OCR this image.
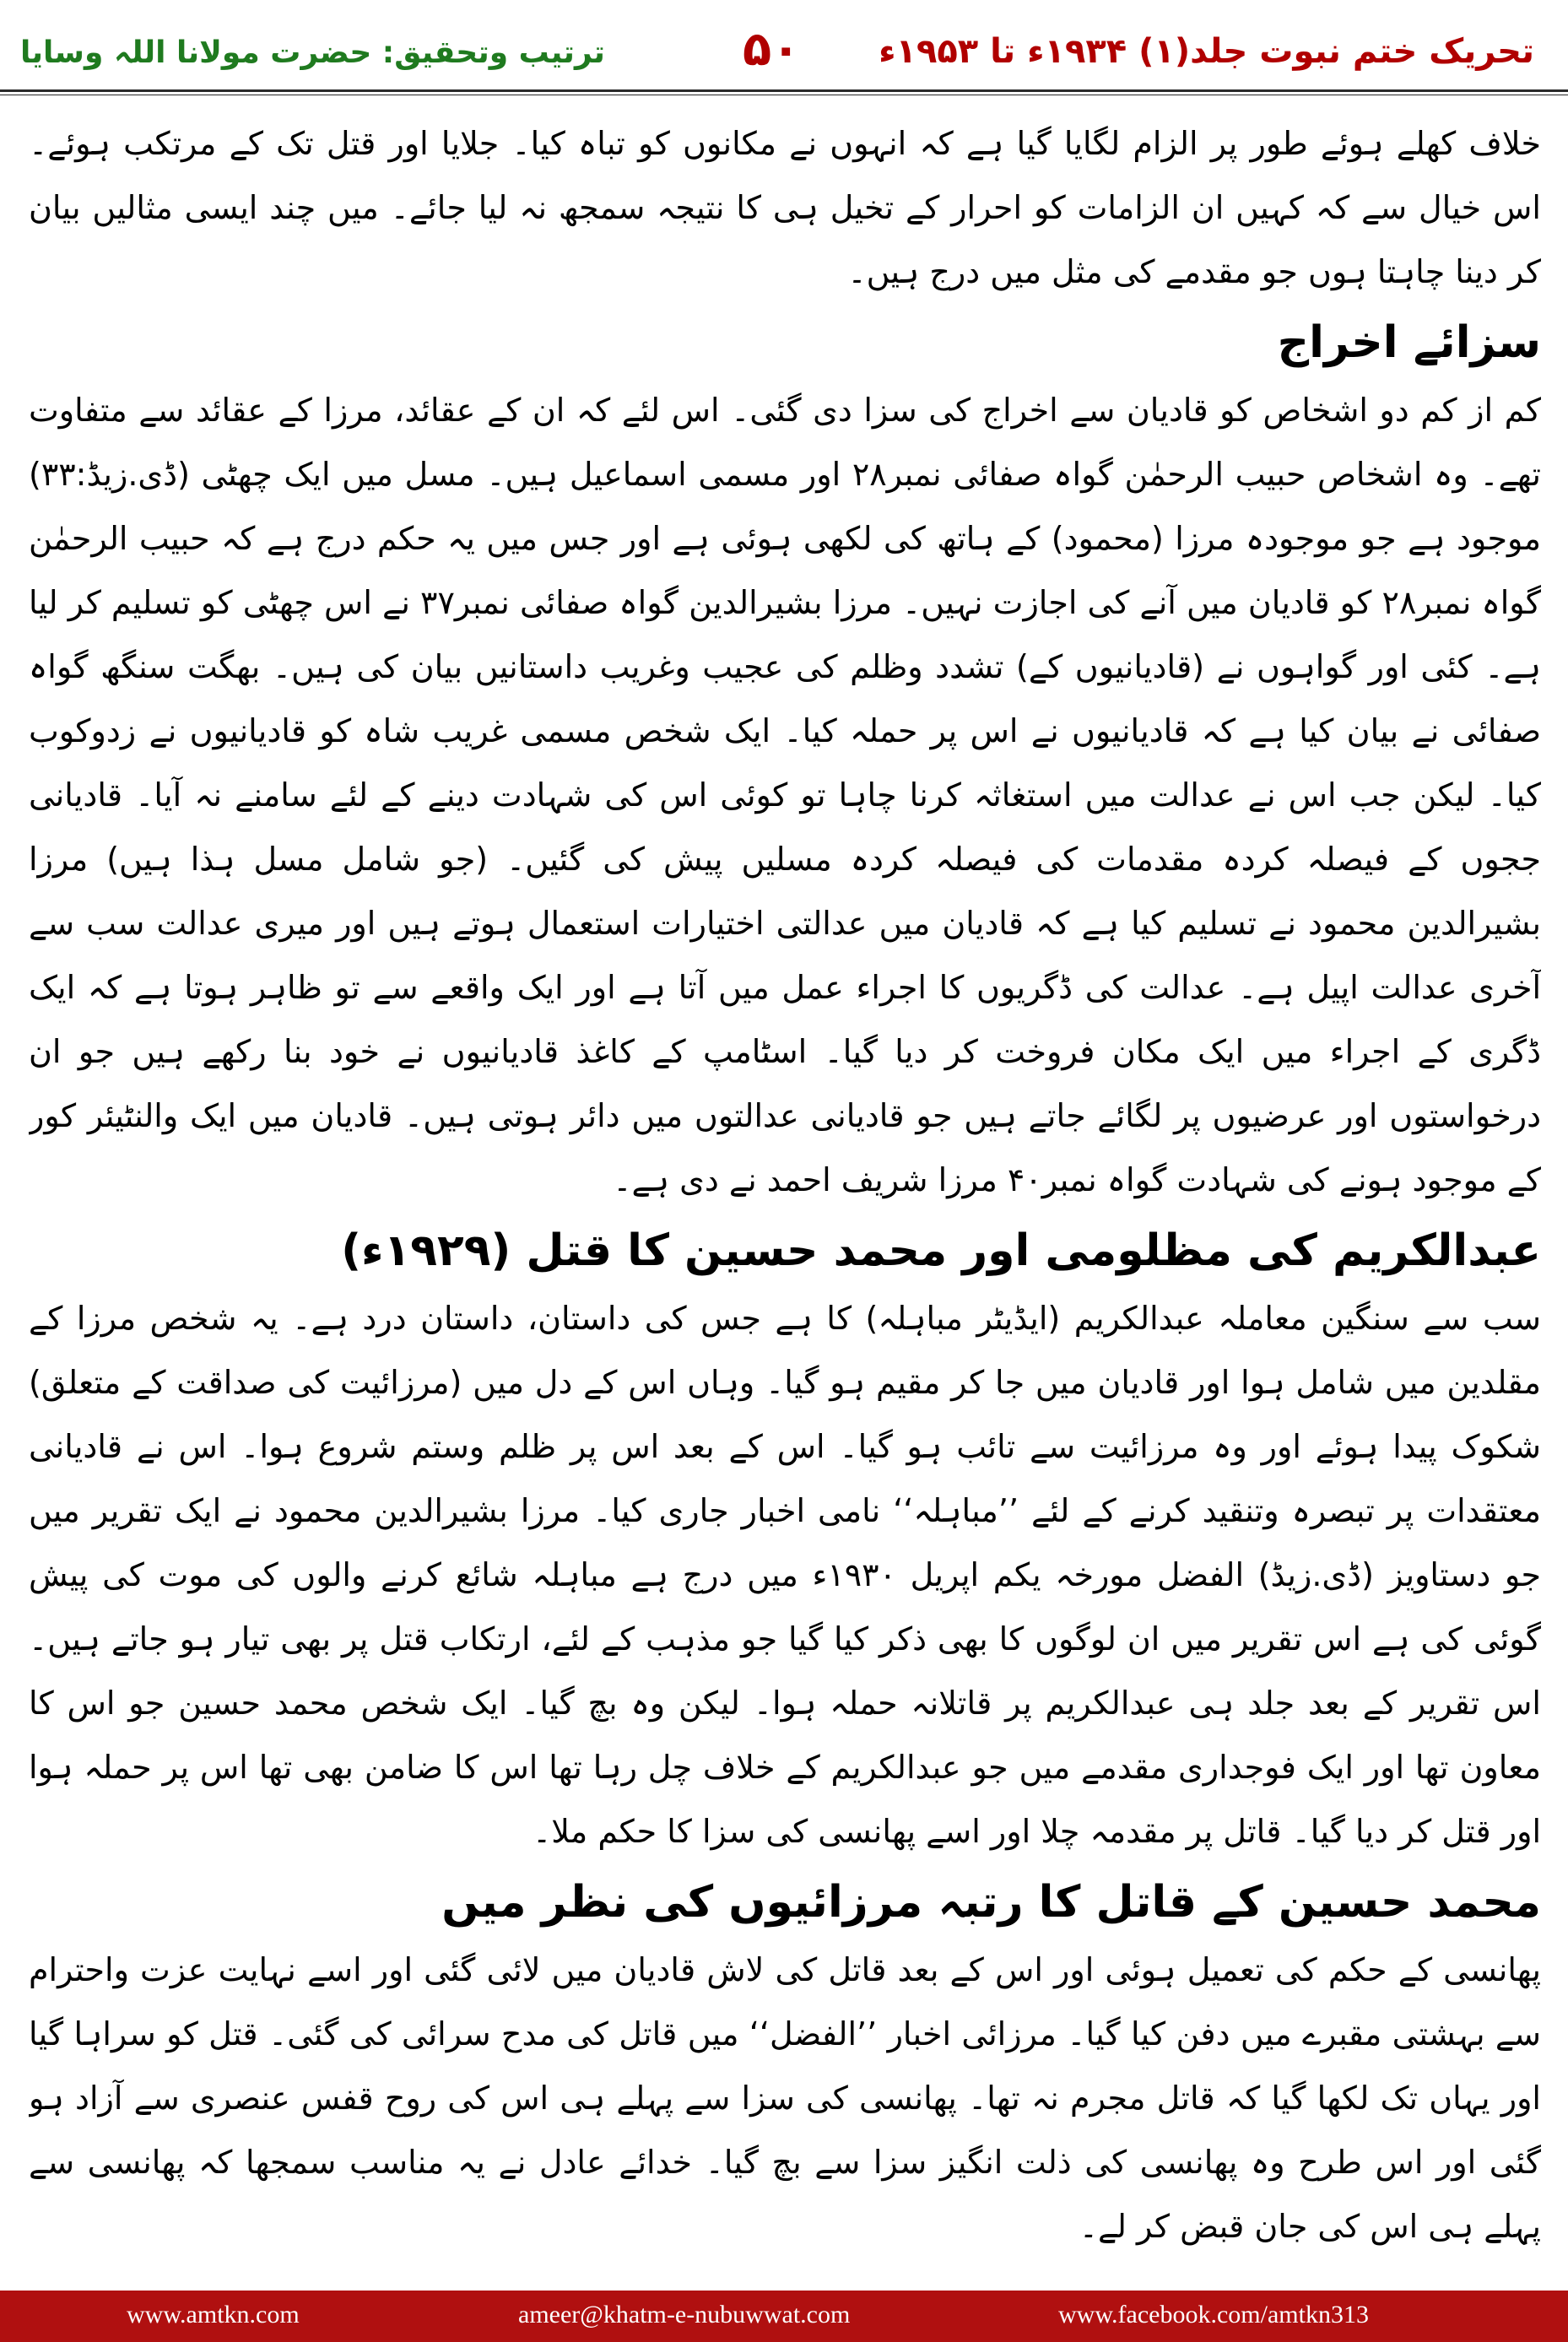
تحریک ختم نبوت جلد(۱) ۱۹۳۴ء تا ۱۹۵۳ء
۵۰
ترتیب وتحقیق: حضرت مولانا اللہ وسایا

خلاف کھلے ہوئے طور پر الزام لگایا گیا ہے کہ انہوں نے مکانوں کو تباہ کیا۔ جلایا اور قتل تک کے مرتکب ہوئے۔ اس خیال سے کہ کہیں ان الزامات کو احرار کے تخیل ہی کا نتیجہ سمجھ نہ لیا جائے۔ میں چند ایسی مثالیں بیان کر دینا چاہتا ہوں جو مقدمے کی مثل میں درج ہیں۔

سزائے اخراج

کم از کم دو اشخاص کو قادیان سے اخراج کی سزا دی گئی۔ اس لئے کہ ان کے عقائد، مرزا کے عقائد سے متفاوت تھے۔ وہ اشخاص حبیب الرحمٰن گواہ صفائی نمبر۲۸ اور مسمی اسماعیل ہیں۔ مسل میں ایک چھٹی (ڈی.زیڈ:۳۳) موجود ہے جو موجودہ مرزا (محمود) کے ہاتھ کی لکھی ہوئی ہے اور جس میں یہ حکم درج ہے کہ حبیب الرحمٰن گواہ نمبر۲۸ کو قادیان میں آنے کی اجازت نہیں۔ مرزا بشیرالدین گواہ صفائی نمبر۳۷ نے اس چھٹی کو تسلیم کر لیا ہے۔ کئی اور گواہوں نے (قادیانیوں کے) تشدد وظلم کی عجیب وغریب داستانیں بیان کی ہیں۔ بھگت سنگھ گواہ صفائی نے بیان کیا ہے کہ قادیانیوں نے اس پر حملہ کیا۔ ایک شخص مسمی غریب شاہ کو قادیانیوں نے زدوکوب کیا۔ لیکن جب اس نے عدالت میں استغاثہ کرنا چاہا تو کوئی اس کی شہادت دینے کے لئے سامنے نہ آیا۔ قادیانی ججوں کے فیصلہ کردہ مقدمات کی فیصلہ کردہ مسلیں پیش کی گئیں۔ (جو شامل مسل ہذا ہیں) مرزا بشیرالدین محمود نے تسلیم کیا ہے کہ قادیان میں عدالتی اختیارات استعمال ہوتے ہیں اور میری عدالت سب سے آخری عدالت اپیل ہے۔ عدالت کی ڈگریوں کا اجراء عمل میں آتا ہے اور ایک واقعے سے تو ظاہر ہوتا ہے کہ ایک ڈگری کے اجراء میں ایک مکان فروخت کر دیا گیا۔ اسٹامپ کے کاغذ قادیانیوں نے خود بنا رکھے ہیں جو ان درخواستوں اور عرضیوں پر لگائے جاتے ہیں جو قادیانی عدالتوں میں دائر ہوتی ہیں۔ قادیان میں ایک والنٹیئر کور کے موجود ہونے کی شہادت گواہ نمبر۴۰ مرزا شریف احمد نے دی ہے۔

عبدالکریم کی مظلومی اور محمد حسین کا قتل (۱۹۲۹ء)

سب سے سنگین معاملہ عبدالکریم (ایڈیٹر مباہلہ) کا ہے جس کی داستان، داستان درد ہے۔ یہ شخص مرزا کے مقلدین میں شامل ہوا اور قادیان میں جا کر مقیم ہو گیا۔ وہاں اس کے دل میں (مرزائیت کی صداقت کے متعلق) شکوک پیدا ہوئے اور وہ مرزائیت سے تائب ہو گیا۔ اس کے بعد اس پر ظلم وستم شروع ہوا۔ اس نے قادیانی معتقدات پر تبصرہ وتنقید کرنے کے لئے ’’مباہلہ‘‘ نامی اخبار جاری کیا۔ مرزا بشیرالدین محمود نے ایک تقریر میں جو دستاویز (ڈی.زیڈ) الفضل مورخہ یکم اپریل ۱۹۳۰ء میں درج ہے مباہلہ شائع کرنے والوں کی موت کی پیش گوئی کی ہے اس تقریر میں ان لوگوں کا بھی ذکر کیا گیا جو مذہب کے لئے، ارتکاب قتل پر بھی تیار ہو جاتے ہیں۔ اس تقریر کے بعد جلد ہی عبدالکریم پر قاتلانہ حملہ ہوا۔ لیکن وہ بچ گیا۔ ایک شخص محمد حسین جو اس کا معاون تھا اور ایک فوجداری مقدمے میں جو عبدالکریم کے خلاف چل رہا تھا اس کا ضامن بھی تھا اس پر حملہ ہوا اور قتل کر دیا گیا۔ قاتل پر مقدمہ چلا اور اسے پھانسی کی سزا کا حکم ملا۔

محمد حسین کے قاتل کا رتبہ مرزائیوں کی نظر میں

پھانسی کے حکم کی تعمیل ہوئی اور اس کے بعد قاتل کی لاش قادیان میں لائی گئی اور اسے نہایت عزت واحترام سے بہشتی مقبرے میں دفن کیا گیا۔ مرزائی اخبار ’’الفضل‘‘ میں قاتل کی مدح سرائی کی گئی۔ قتل کو سراہا گیا اور یہاں تک لکھا گیا کہ قاتل مجرم نہ تھا۔ پھانسی کی سزا سے پہلے ہی اس کی روح قفس عنصری سے آزاد ہو گئی اور اس طرح وہ پھانسی کی ذلت انگیز سزا سے بچ گیا۔ خدائے عادل نے یہ مناسب سمجھا کہ پھانسی سے پہلے ہی اس کی جان قبض کر لے۔

www.amtkn.com	ameer@khatm-e-nubuwwat.com	www.facebook.com/amtkn313
